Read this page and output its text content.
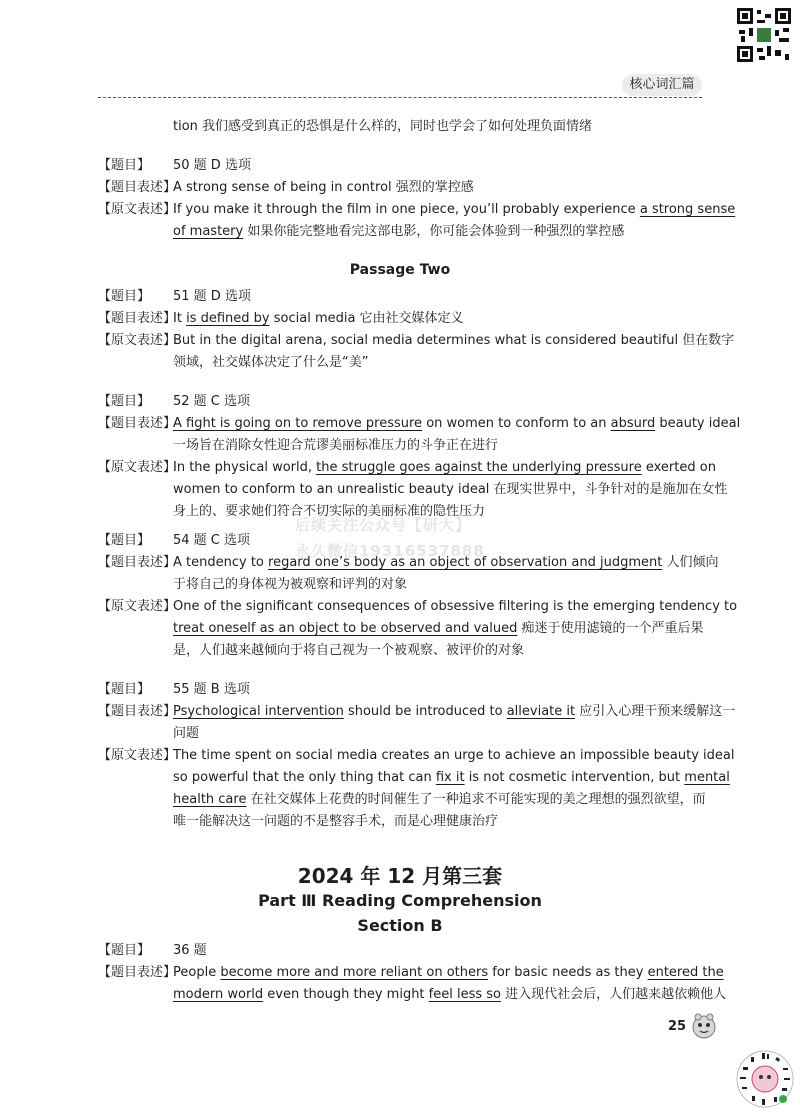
核心词汇篇
tion 我们感受到真正的恐惧是什么样的，同时也学会了如何处理负面情绪
【题目】 50 题 D 选项
【题目表述】A strong sense of being in control 强烈的掌控感
【原文表述】If you make it through the film in one piece, you’ll probably experience a strong sense
of mastery 如果你能完整地看完这部电影，你可能会体验到一种强烈的掌控感
Passage Two
【题目】 51 题 D 选项
【题目表述】It is defined by social media 它由社交媒体定义
【原文表述】But in the digital arena, social media determines what is considered beautiful 但在数字
领域，社交媒体决定了什么是“美”
【题目】 52 题 C 选项
【题目表述】A fight is going on to remove pressure on women to conform to an absurd beauty ideal
一场旨在消除女性迎合荒谬美丽标准压力的斗争正在进行
【原文表述】In the physical world, the struggle goes against the underlying pressure exerted on
women to conform to an unrealistic beauty ideal 在现实世界中，斗争针对的是施加在女性
身上的、要求她们符合不切实际的美丽标准的隐性压力
后续关注公众号【研大】
永久微信19316537888
【题目】 54 题 C 选项
【题目表述】A tendency to regard one’s body as an object of observation and judgment 人们倾向
于将自己的身体视为被观察和评判的对象
【原文表述】One of the significant consequences of obsessive filtering is the emerging tendency to
treat oneself as an object to be observed and valued 痴迷于使用滤镜的一个严重后果
是，人们越来越倾向于将自己视为一个被观察、被评价的对象
【题目】 55 题 B 选项
【题目表述】Psychological intervention should be introduced to alleviate it 应引入心理干预来缓解这一
问题
【原文表述】The time spent on social media creates an urge to achieve an impossible beauty ideal
so powerful that the only thing that can fix it is not cosmetic intervention, but mental
health care 在社交媒体上花费的时间催生了一种追求不可能实现的美之理想的强烈欲望，而
唯一能解决这一问题的不是整容手术，而是心理健康治疗
2024 年 12 月第三套
Part Ⅲ Reading Comprehension
Section B
【题目】 36 题
【题目表述】People become more and more reliant on others for basic needs as they entered the
modern world even though they might feel less so 进入现代社会后，人们越来越依赖他人
25
